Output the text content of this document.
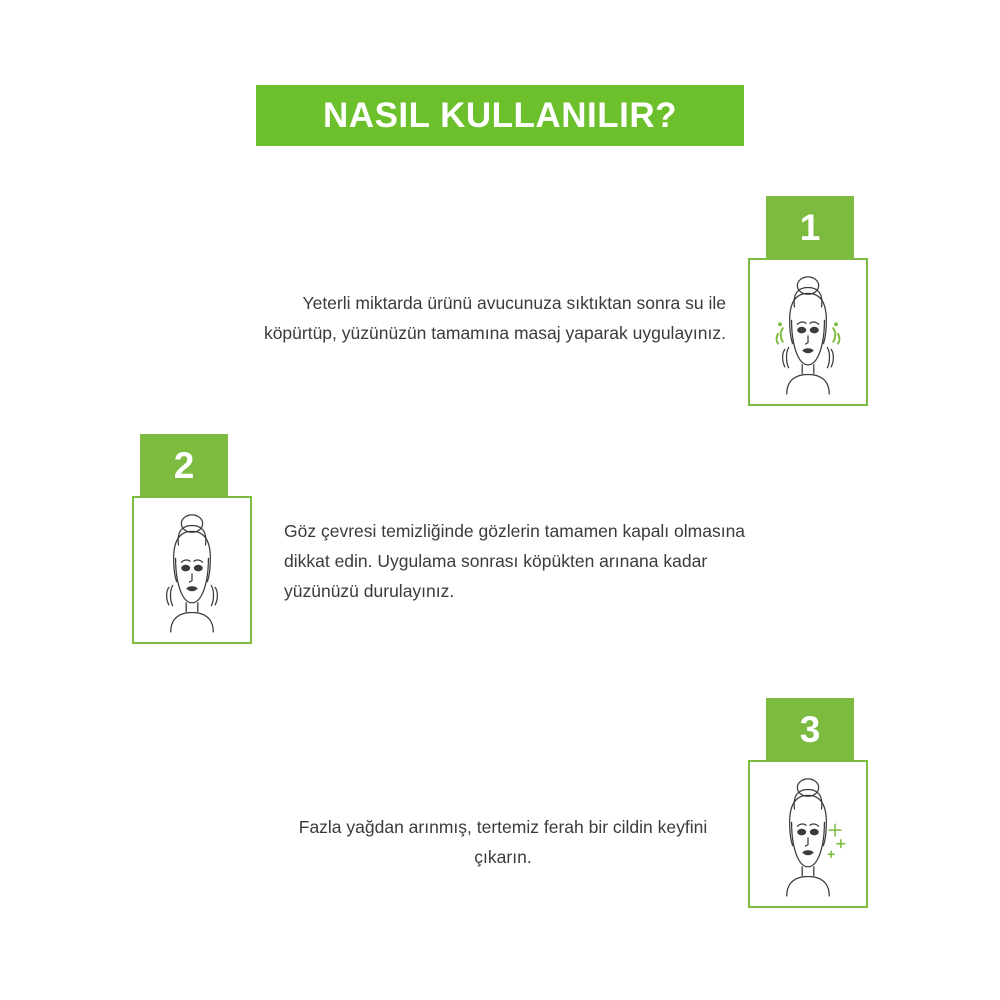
NASIL KULLANILIR?
1
Yeterli miktarda ürünü avucunuza sıktıktan sonra su ile köpürtüp, yüzünüzün tamamına masaj yaparak uygulayınız.
2
Göz çevresi temizliğinde gözlerin tamamen kapalı olmasına dikkat edin. Uygulama sonrası köpükten arınana kadar yüzünüzü durulayınız.
3
Fazla yağdan arınmış, tertemiz ferah bir cildin keyfini çıkarın.
